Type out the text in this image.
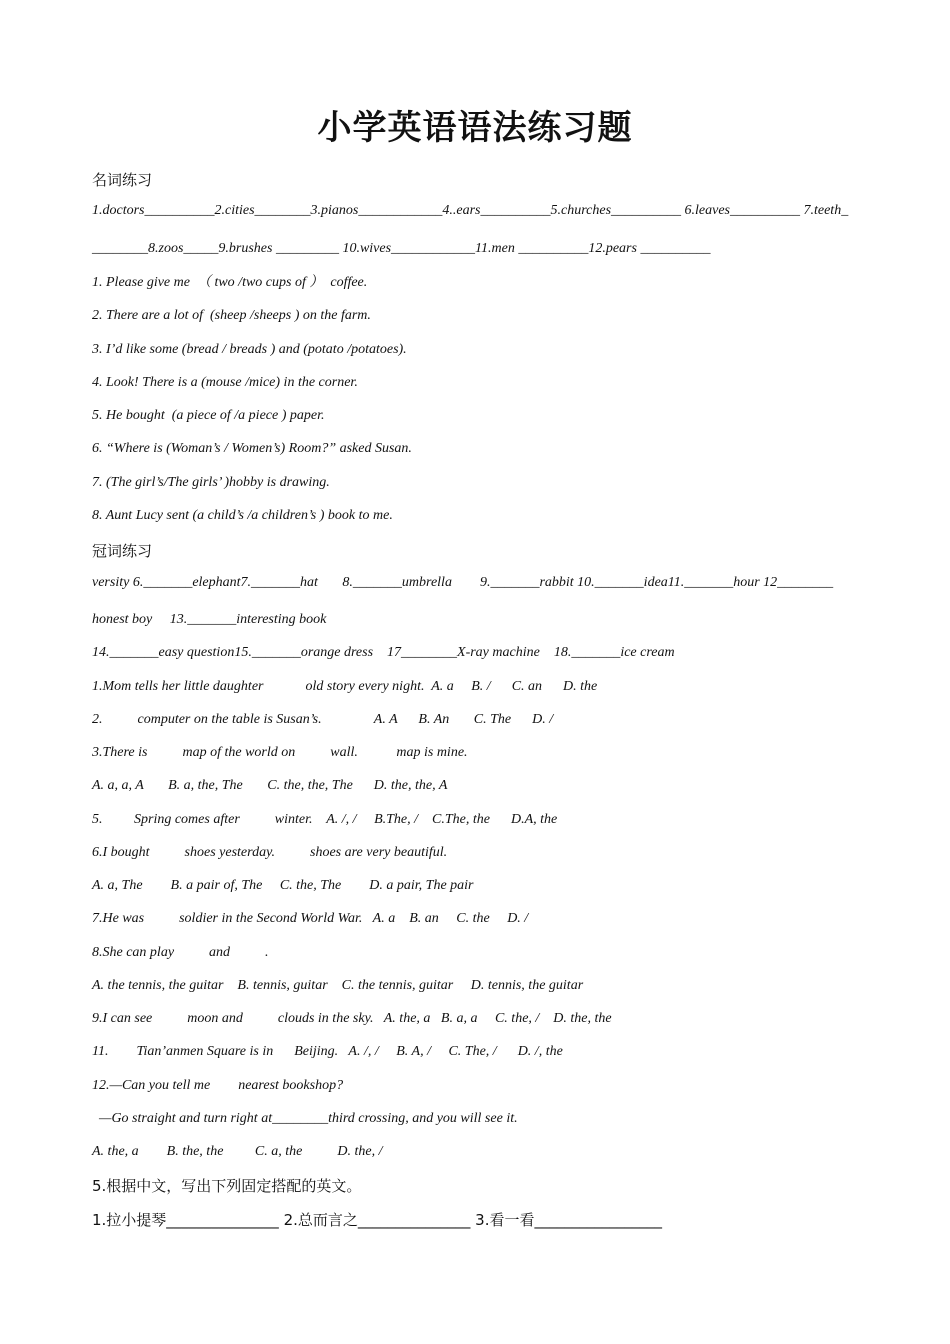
小学英语语法练习题
名词练习
1.doctors__________2.cities________3.pianos____________4..ears__________5.churches__________ 6.leaves__________ 7.teeth_
________8.zoos_____9.brushes _________ 10.wives____________11.men __________12.pears __________
1. Please give me  （ two /two cups of ）  coffee.
2. There are a lot of  (sheep /sheeps ) on the farm.
3. I’d like some (bread / breads ) and (potato /potatoes).
4. Look! There is a (mouse /mice) in the corner.
5. He bought  (a piece of /a piece ) paper.
6. “Where is (Woman’s / Women’s) Room?” asked Susan.
7. (The girl’s/The girls’ )hobby is drawing.
8. Aunt Lucy sent (a child’s /a children’s ) book to me.
冠词练习
versity 6._______elephant7._______hat       8._______umbrella        9._______rabbit 10._______idea11._______hour 12________
honest boy     13._______interesting book
14._______easy question15._______orange dress    17________X-ray machine    18._______ice cream
1.Mom tells her little daughter            old story every night.  A. a     B. /      C. an      D. the
2.          computer on the table is Susan’s.               A. A      B. An       C. The      D. /
3.There is          map of the world on          wall.           map is mine.
A. a, a, A       B. a, the, The       C. the, the, The      D. the, the, A
5.         Spring comes after          winter.    A. /, /     B.The, /    C.The, the      D.A, the
6.I bought          shoes yesterday.          shoes are very beautiful.
A. a, The        B. a pair of, The     C. the, The        D. a pair, The pair
7.He was          soldier in the Second World War.   A. a    B. an     C. the     D. /
8.She can play          and          .
A. the tennis, the guitar    B. tennis, guitar    C. the tennis, guitar     D. tennis, the guitar
9.I can see          moon and          clouds in the sky.   A. the, a   B. a, a     C. the, /    D. the, the
11.        Tian’anmen Square is in      Beijing.   A. /, /     B. A, /     C. The, /      D. /, the
12.—Can you tell me        nearest bookshop?
—Go straight and turn right at________third crossing, and you will see it.
A. the, a        B. the, the         C. a, the          D. the, /
5.根据中文，写出下列固定搭配的英文。
1.拉小提琴_______________ 2.总而言之_______________ 3.看一看_________________
